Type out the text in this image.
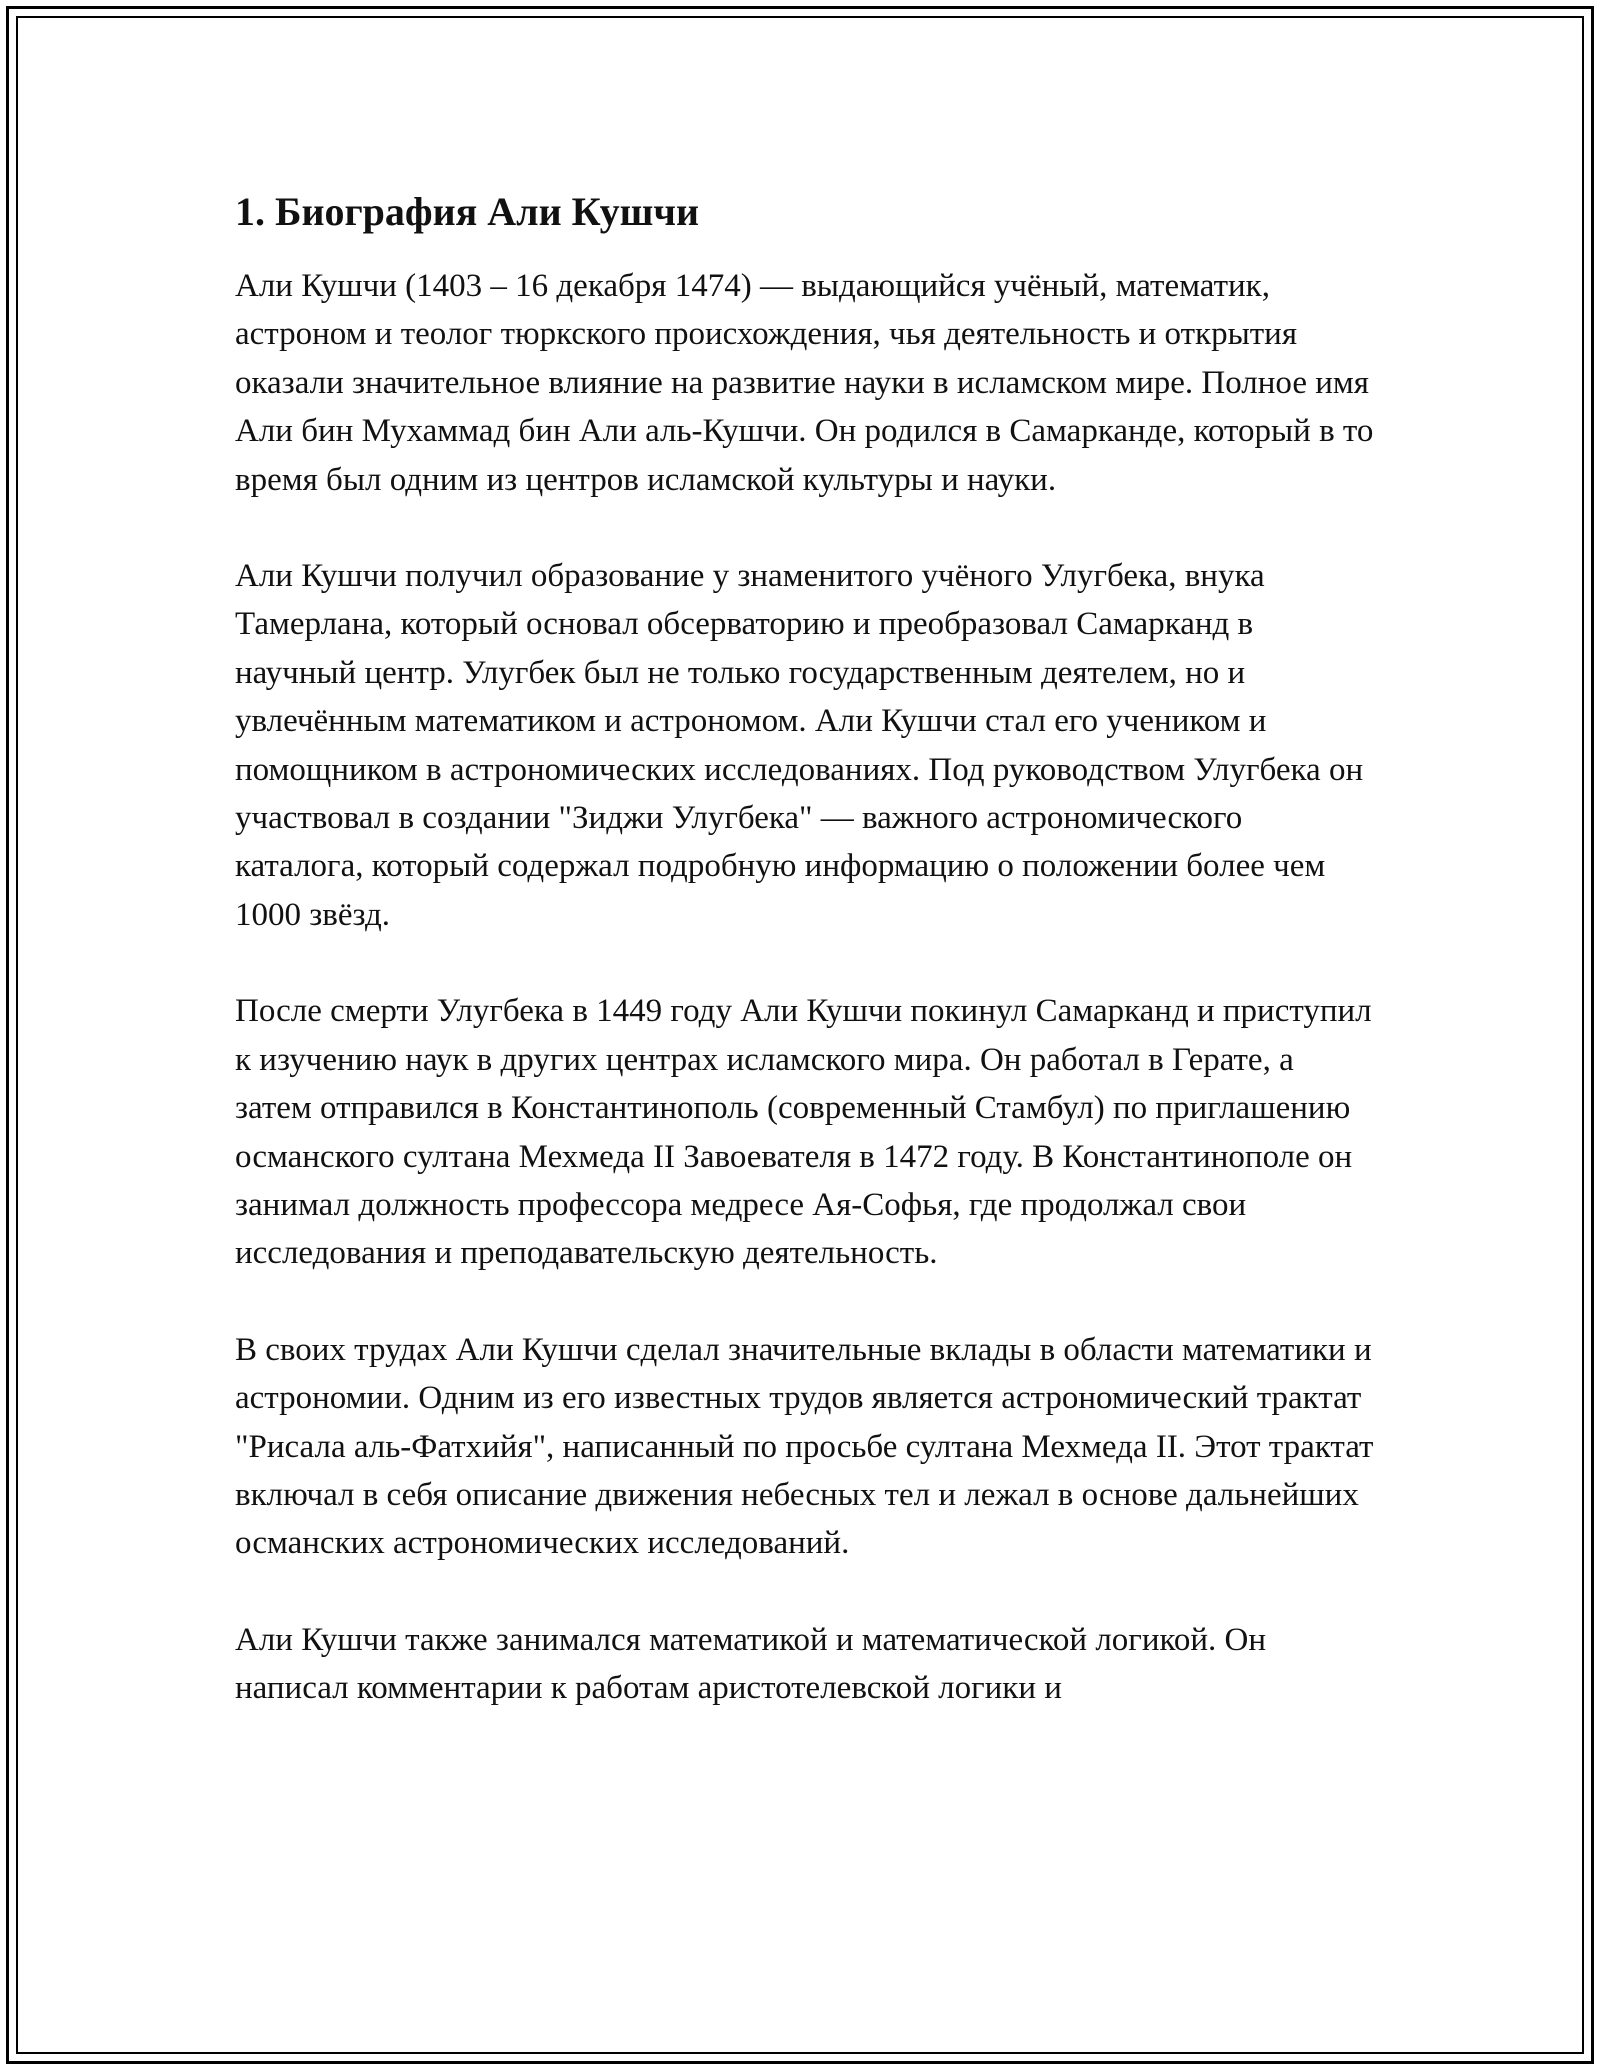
1. Биография Али Кушчи

Али Кушчи (1403 – 16 декабря 1474) — выдающийся учёный, математик, астроном и теолог тюркского происхождения, чья деятельность и открытия оказали значительное влияние на развитие науки в исламском мире. Полное имя Али бин Мухаммад бин Али аль-Кушчи. Он родился в Самарканде, который в то время был одним из центров исламской культуры и науки.

Али Кушчи получил образование у знаменитого учёного Улугбека, внука Тамерлана, который основал обсерваторию и преобразовал Самарканд в научный центр. Улугбек был не только государственным деятелем, но и увлечённым математиком и астрономом. Али Кушчи стал его учеником и помощником в астрономических исследованиях. Под руководством Улугбека он участвовал в создании "Зиджи Улугбека" — важного астрономического каталога, который содержал подробную информацию о положении более чем 1000 звёзд.

После смерти Улугбека в 1449 году Али Кушчи покинул Самарканд и приступил к изучению наук в других центрах исламского мира. Он работал в Герате, а затем отправился в Константинополь (современный Стамбул) по приглашению османского султана Мехмеда II Завоевателя в 1472 году. В Константинополе он занимал должность профессора медресе Ая-Софья, где продолжал свои исследования и преподавательскую деятельность.

В своих трудах Али Кушчи сделал значительные вклады в области математики и астрономии. Одним из его известных трудов является астрономический трактат "Рисала аль-Фатхийя", написанный по просьбе султана Мехмеда II. Этот трактат включал в себя описание движения небесных тел и лежал в основе дальнейших османских астрономических исследований.

Али Кушчи также занимался математикой и математической логикой. Он написал комментарии к работам аристотелевской логики и
